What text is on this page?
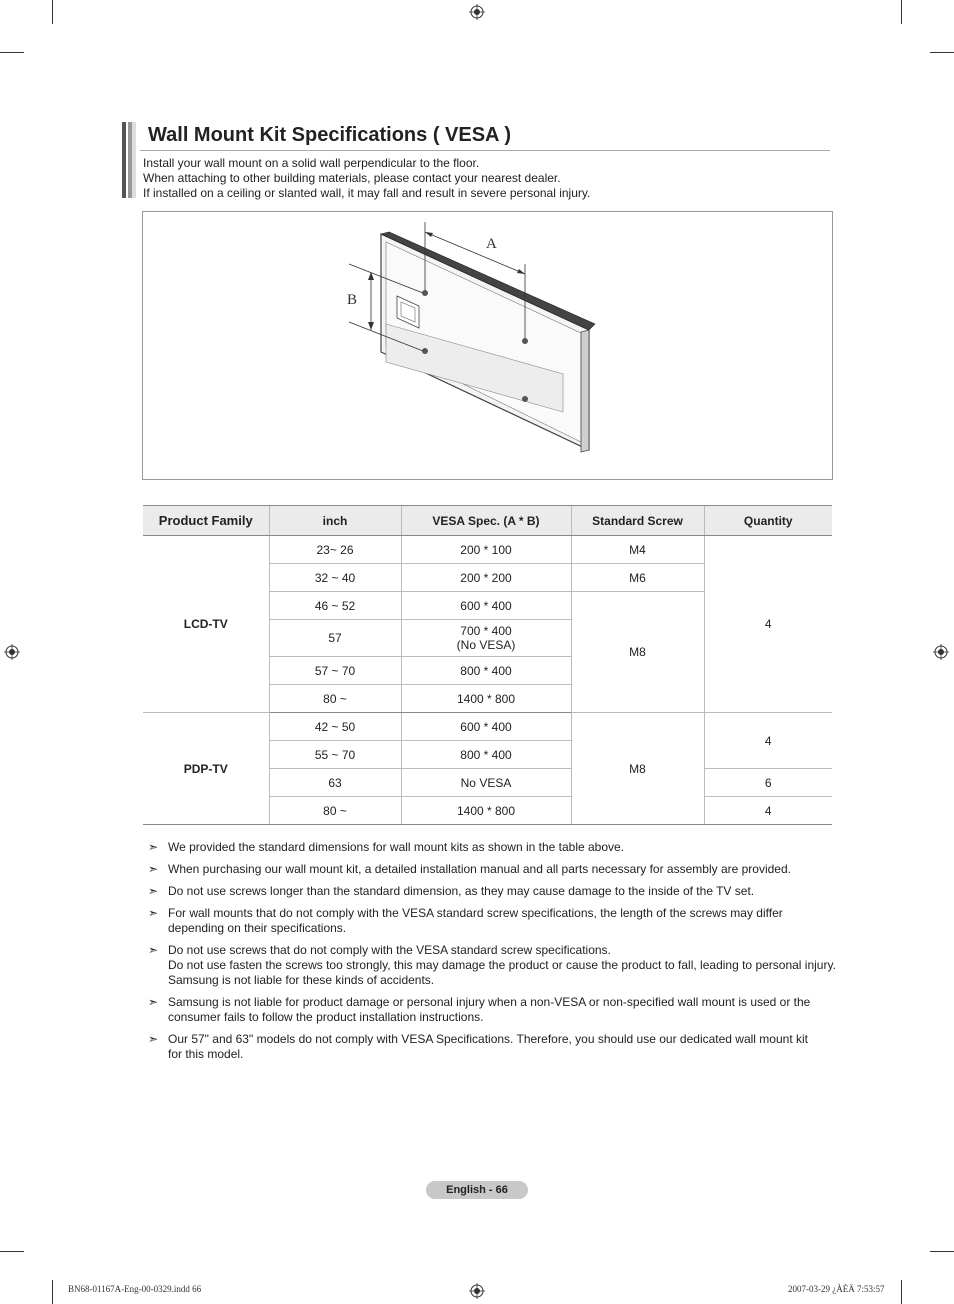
Wall Mount Kit Specifications ( VESA )
Install your wall mount on a solid wall perpendicular to the floor.
When attaching to other building materials, please contact your nearest dealer.
If installed on a ceiling or slanted wall, it may fall and result in severe personal injury.
A
B
Product Family	inch	VESA Spec. (A * B)	Standard Screw	Quantity
LCD-TV	23~ 26	200 * 100	M4	4
	32 ~ 40	200 * 200	M6	
	46 ~ 52	600 * 400	M8	
	57	700 * 400
(No VESA)		

	57 ~ 70	800 * 400		
	80 ~	1400 * 800		
PDP-TV	42 ~ 50	600 * 400	M8	4
	55 ~ 70	800 * 400		
	63	No VESA		6
	80 ~	1400 * 800		4
➣ We provided the standard dimensions for wall mount kits as shown in the table above.
➣ When purchasing our wall mount kit, a detailed installation manual and all parts necessary for assembly are provided.
➣ Do not use screws longer than the standard dimension, as they may cause damage to the inside of the TV set.
➣ For wall mounts that do not comply with the VESA standard screw specifications, the length of the screws may differ
depending on their specifications.
➣ Do not use screws that do not comply with the VESA standard screw specifications.
Do not use fasten the screws too strongly, this may damage the product or cause the product to fall, leading to personal injury.
Samsung is not liable for these kinds of accidents.
➣ Samsung is not liable for product damage or personal injury when a non-VESA or non-specified wall mount is used or the
consumer fails to follow the product installation instructions.
➣ Our 57" and 63" models do not comply with VESA Specifications. Therefore, you should use our dedicated wall mount kit
for this model.
English - 66
BN68-01167A-Eng-00-0329.indd 66	2007-03-29 ¿ÀÈÄ 7:53:57
